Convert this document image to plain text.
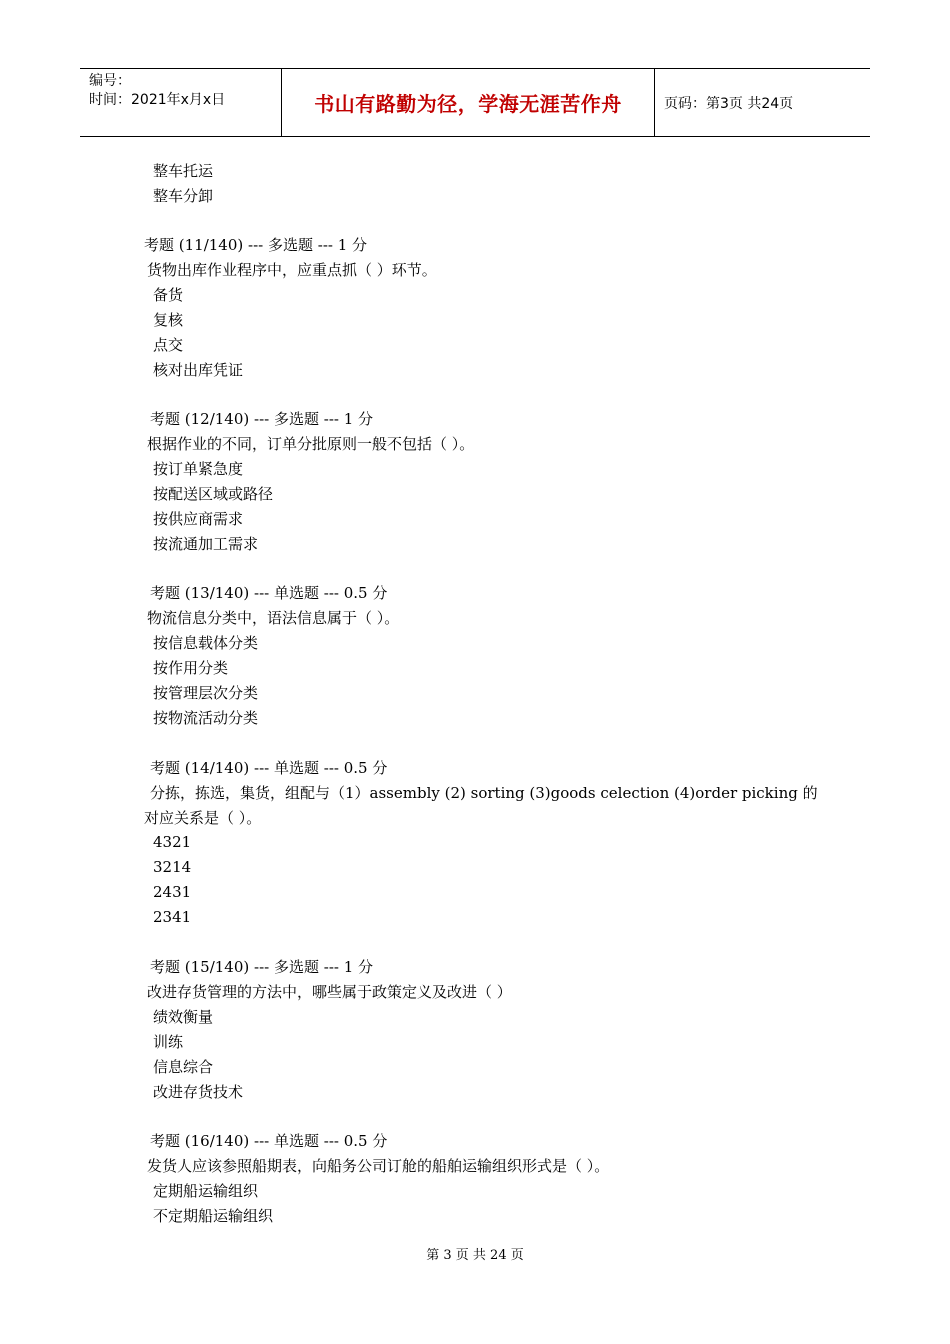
编号：
时间：2021年x月x日	书山有路勤为径，学海无涯苦作舟	页码：第3页 共24页
整车托运
整车分卸
考题 (11/140) --- 多选题 --- 1 分
货物出库作业程序中，应重点抓（ ）环节。
备货
复核
点交
核对出库凭证
考题 (12/140) --- 多选题 --- 1 分
根据作业的不同，订单分批原则一般不包括（ ）。
按订单紧急度
按配送区域或路径
按供应商需求
按流通加工需求
考题 (13/140) --- 单选题 --- 0.5 分
物流信息分类中，语法信息属于（ ）。
按信息载体分类
按作用分类
按管理层次分类
按物流活动分类
考题 (14/140) --- 单选题 --- 0.5 分
分拣，拣选，集货，组配与（1）assembly (2) sorting (3)goods celection (4)order picking 的
对应关系是（ ）。
4321
3214
2431
2341
考题 (15/140) --- 多选题 --- 1 分
改进存货管理的方法中，哪些属于政策定义及改进（ ）
绩效衡量
训练
信息综合
改进存货技术
考题 (16/140) --- 单选题 --- 0.5 分
发货人应该参照船期表，向船务公司订舱的船舶运输组织形式是（ ）。
定期船运输组织
不定期船运输组织
第 3 页 共 24 页
